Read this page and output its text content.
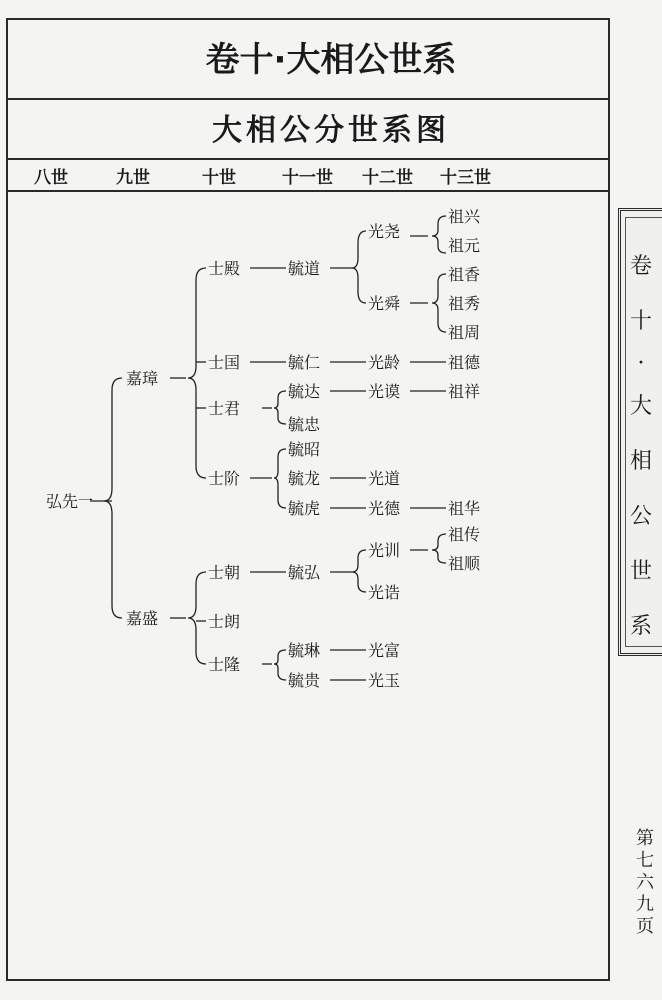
卷十·大相公世系
大相公分世系图
八世	九世	十世	十一世 十二世 十三世
弘先
嘉璋
嘉盛
士殿
士国
士君
士阶
士朝
士朗
士隆
毓道
毓仁
毓达
毓忠
毓昭
毓龙
毓虎
毓弘
毓琳
毓贵
光尧
光舜
光龄
光谟
光道
光德
光训
光诰
光富
光玉
祖兴
祖元
祖香
祖秀
祖周
祖德
祖祥
祖华
祖传
祖顺
一
卷
十
·
大
相
公
世
系
第
七
六
九
页
